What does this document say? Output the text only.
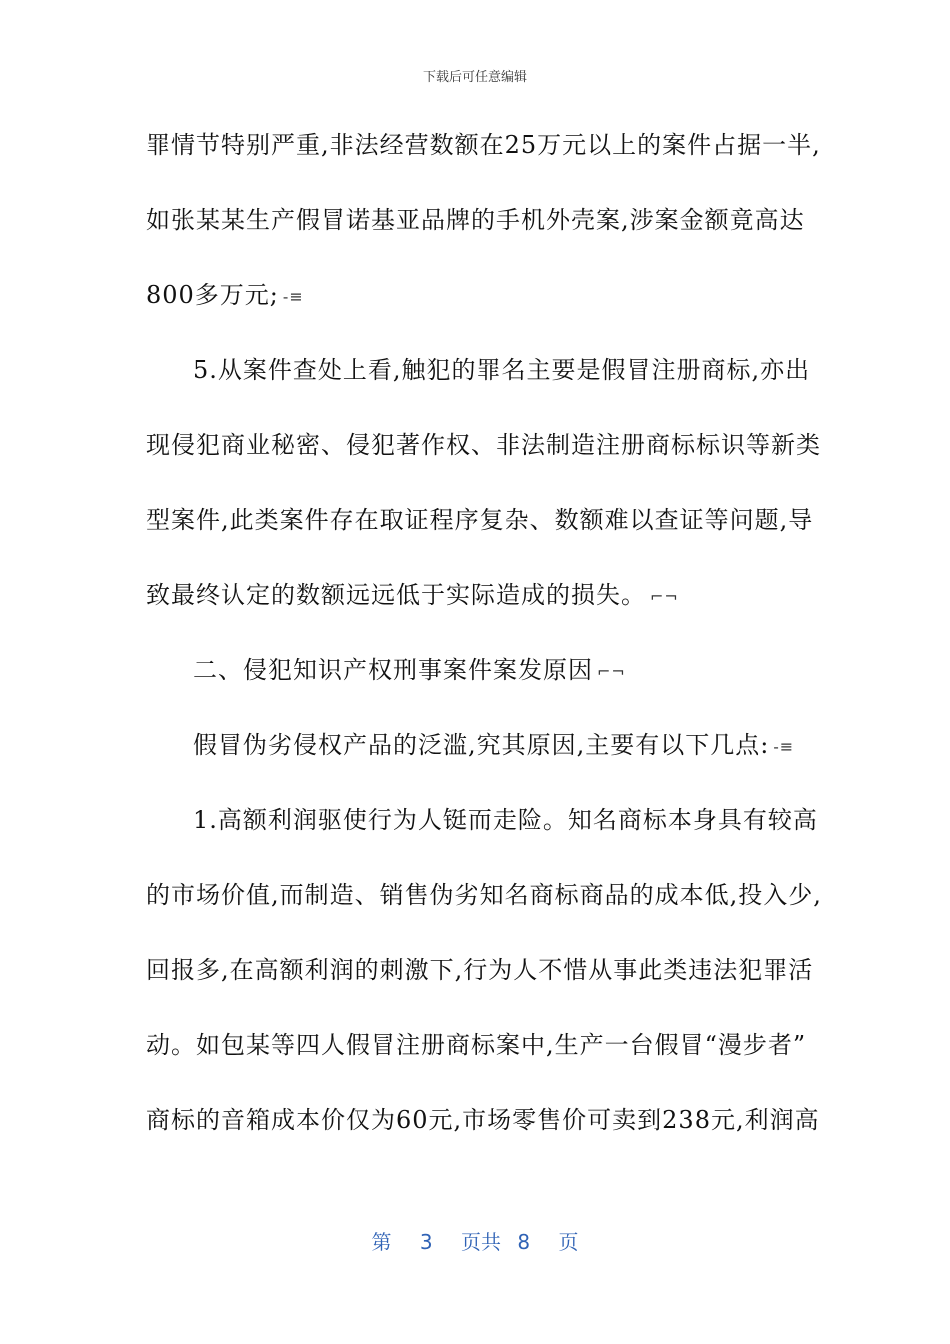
下载后可任意编辑
罪情节特别严重,非法经营数额在25万元以上的案件占据一半,
如张某某生产假冒诺基亚品牌的手机外壳案,涉案金额竟高达
800多万元; -≡
5.从案件查处上看,触犯的罪名主要是假冒注册商标,亦出
现侵犯商业秘密、侵犯著作权、非法制造注册商标标识等新类
型案件,此类案件存在取证程序复杂、数额难以查证等问题,导
致最终认定的数额远远低于实际造成的损失。 ⌐¬
二、侵犯知识产权刑事案件案发原因 ⌐¬
假冒伪劣侵权产品的泛滥,究其原因,主要有以下几点: -≡
1.高额利润驱使行为人铤而走险。知名商标本身具有较高
的市场价值,而制造、销售伪劣知名商标商品的成本低,投入少,
回报多,在高额利润的刺激下,行为人不惜从事此类违法犯罪活
动。如包某等四人假冒注册商标案中,生产一台假冒“漫步者”
商标的音箱成本价仅为60元,市场零售价可卖到238元,利润高
第 3 页共 8 页
